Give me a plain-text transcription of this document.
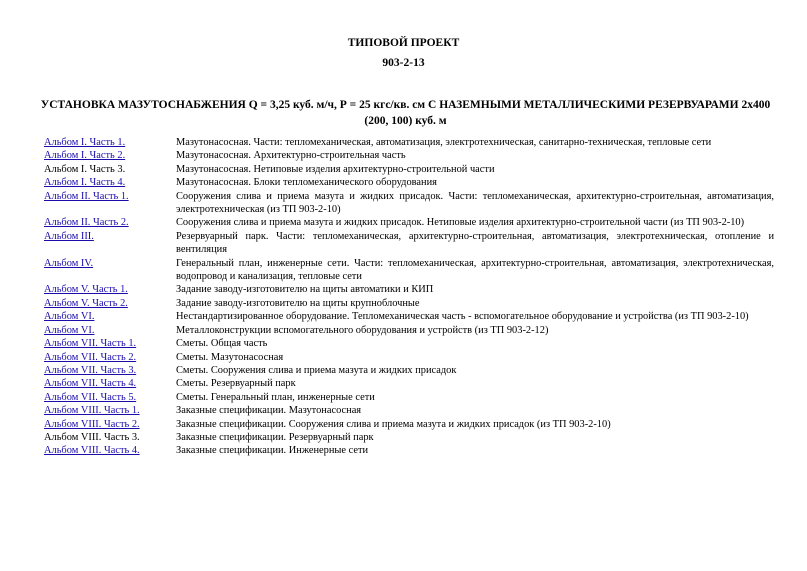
ТИПОВОЙ ПРОЕКТ
903-2-13
УСТАНОВКА МАЗУТОСНАБЖЕНИЯ Q = 3,25 куб. м/ч, Р = 25 кгс/кв. см С НАЗЕМНЫМИ МЕТАЛЛИЧЕСКИМИ РЕЗЕРВУАРАМИ 2х400 (200, 100) куб. м
Альбом I. Часть 1.	Мазутонасосная. Части: тепломеханическая, автоматизация, электротехническая, санитарно-техническая, тепловые сети
Альбом I. Часть 2.	Мазутонасосная. Архитектурно-строительная часть
Альбом I. Часть 3.	Мазутонасосная. Нетиповые изделия архитектурно-строительной части
Альбом I. Часть 4.	Мазутонасосная. Блоки тепломеханического оборудования
Альбом II. Часть 1.	Сооружения слива и приема мазута и жидких присадок. Части: тепломеханическая, архитектурно-строительная, автоматизация, электротехническая (из ТП 903-2-10)
Альбом II. Часть 2.	Сооружения слива и приема мазута и жидких присадок. Нетиповые изделия архитектурно-строительной части (из ТП 903-2-10)
Альбом III.	Резервуарный парк. Части: тепломеханическая, архитектурно-строительная, автоматизация, электротехническая, отопление и вентиляция
Альбом IV.	Генеральный план, инженерные сети. Части: тепломеханическая, архитектурно-строительная, автоматизация, электротехническая, водопровод и канализация, тепловые сети
Альбом V. Часть 1.	Задание заводу-изготовителю на щиты автоматики и КИП
Альбом V. Часть 2.	Задание заводу-изготовителю на щиты крупноблочные
Альбом VI.	Нестандартизированное оборудование. Тепломеханическая часть - вспомогательное оборудование и устройства (из ТП 903-2-10)
Альбом VI.	Металлоконструкции вспомогательного оборудования и устройств (из ТП 903-2-12)
Альбом VII. Часть 1.	Сметы. Общая часть
Альбом VII. Часть 2.	Сметы. Мазутонасосная
Альбом VII. Часть 3.	Сметы. Сооружения слива и приема мазута и жидких присадок
Альбом VII. Часть 4.	Сметы. Резервуарный парк
Альбом VII. Часть 5.	Сметы. Генеральный план, инженерные сети
Альбом VIII. Часть 1.	Заказные спецификации. Мазутонасосная
Альбом VIII. Часть 2.	Заказные спецификации. Сооружения слива и приема мазута и жидких присадок (из ТП 903-2-10)
Альбом VIII. Часть 3.	Заказные спецификации. Резервуарный парк
Альбом VIII. Часть 4.	Заказные спецификации. Инженерные сети
